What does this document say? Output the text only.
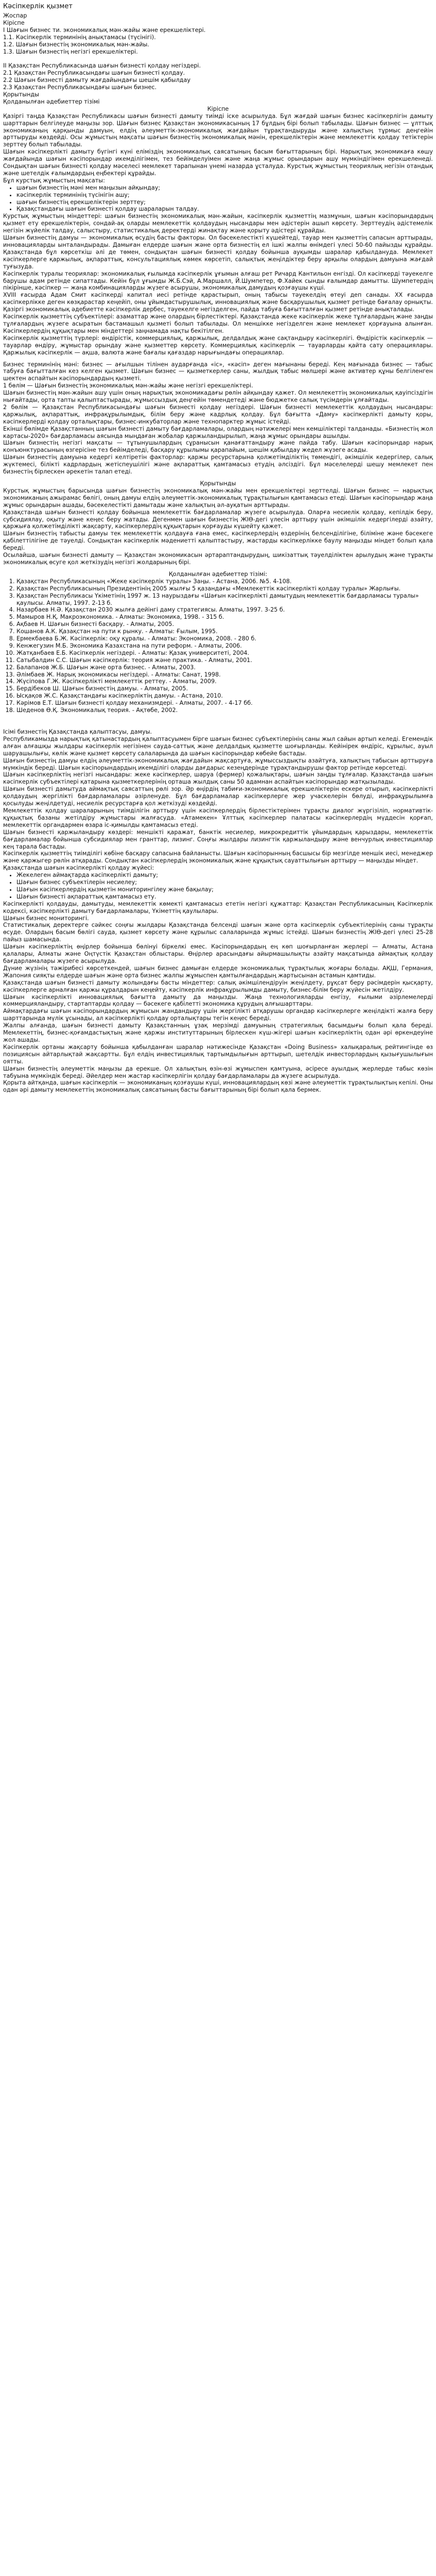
Кәсіпкерлік қызмет
Жоспар
Кіріспе
І Шағын бизнес ти. экономикалық мән-жайы және ерекшеліктері.
1.1. Кәсіпкерлік терминінің анықтамасы (түсінігі).
1.2. Шағын бизнестің экономикалық мән-жайы.
1.3. Шағын бизнестің негізгі ерекшеліктері.

ІІ Қазақстан Республикасында шағын бизнесті қолдау негіздері.
2.1 Қазақстан Республикасындағы шағын бизнесті қолдау.
2.2 Шағын бизнесті дамыту жағдайындағы шешім қабылдау
2.3 Қазақстан Республикасындағы шағын бизнес.
Қорытынды
Қолданылған әдебиеттер тізімі
Кіріспе

Қазіргі таңда Қазақстан Республикасы шағын бизнесті дамыту тиімді іске асырылуда. Бұл жағдай шағын бизнес кәсіпкерлігін дамыту шарттарын белгілеуде маңызы зор. Шағын бизнес Қазақстан экономикасының 17 бұлдың бірі болып табылады. Шағын бизнес — ұлттық экономиканың қарқынды дамуын, елдің әлеуметтік-экономикалық жағдайын тұрақтандыруды және халықтың тұрмыс деңгейін арттыруды көздейді. Осы жұмыстың мақсаты шағын бизнестің экономикалық мәнін, ерекшеліктерін және мемлекеттік қолдау тетіктерін зерттеу болып табылады.

Шағын кәсіпкерлікті дамыту бүгінгі күні еліміздің экономикалық саясатының басым бағыттарының бірі. Нарықтық экономикаға көшу жағдайында шағын кәсіпорындар икемділігімен, тез бейімделуімен және жаңа жұмыс орындарын ашу мүмкіндігімен ерекшеленеді. Сондықтан шағын бизнесті қолдау мәселесі мемлекет тарапынан үнемі назарда ұсталуда. Курстық жұмыстың теориялық негізін отандық және шетелдік ғалымдардың еңбектері құрайды.

Бұл курстық жұмыстың мақсаты:

• шағын бизнестің мәні мен маңызын айқындау;
• кәсіпкерлік терминінің түсінігін ашу;
• шағын бизнестің ерекшеліктерін зерттеу;
• Қазақстандағы шағын бизнесті қолдау шараларын талдау.

Курстық жұмыстың міндеттері: шағын бизнестің экономикалық мән-жайын, кәсіпкерлік қызметтің мазмұнын, шағын кәсіпорындардың қызмет ету ерекшеліктерін, сондай-ақ оларды мемлекеттік қолдаудың нысандары мен әдістерін ашып көрсету. Зерттеудің әдістемелік негізін жүйелік талдау, салыстыру, статистикалық деректерді жинақтау және қорыту әдістері құрайды.

Шағын бизнестің дамуы — экономикалық өсудің басты факторы. Ол бәсекелестікті күшейтеді, тауар мен қызметтің сапасын арттырады, инновацияларды ынталандырады. Дамыған елдерде шағын және орта бизнестің ел ішкі жалпы өнімдегі үлесі 50-60 пайызды құрайды. Қазақстанда бұл көрсеткіш әлі де төмен, сондықтан шағын бизнесті қолдау бойынша ауқымды шаралар қабылдануда. Мемлекет кәсіпкерлерге қаржылық, ақпараттық, консультациялық көмек көрсетіп, салықтық жеңілдіктер беру арқылы олардың дамуына жағдай туғызуда.

Кәсіпкерлік туралы теориялар: экономикалық ғылымда кәсіпкерлік ұғымын алғаш рет Ричард Кантильон енгізді. Ол кәсіпкерді тәуекелге барушы адам ретінде сипаттады. Кейін бұл ұғымды Ж.Б.Сэй, А.Маршалл, Й.Шумпетер, Ф.Хайек сынды ғалымдар дамытты. Шумпетердің пікірінше, кәсіпкер — жаңа комбинацияларды жүзеге асырушы, экономикалық дамудың қозғаушы күші.

XVIII ғасырда Адам Смит кәсіпкерді капитал иесі ретінде қарастырып, оның табысы тәуекелдің өтеуі деп санады. XX ғасырда кәсіпкерлікке деген көзқарастар кеңейіп, оны ұйымдастырушылық, инновациялық және басқарушылық қызмет ретінде бағалау орнықты. Қазіргі экономикалық әдебиетте кәсіпкерлік дербес, тәуекелге негізделген, пайда табуға бағытталған қызмет ретінде анықталады.

Кәсіпкерлік қызметтің субъектілері: азаматтар және олардың бірлестіктері. Қазақстанда жеке кәсіпкерлік жеке тұлғалардың және заңды тұлғалардың жүзеге асыратын бастамашыл қызметі болып табылады. Ол меншікке негізделген және мемлекет қорғауына алынған. Кәсіпкерлердің құқықтары мен міндеттері заңнамада нақты бекітілген.

Кәсіпкерлік қызметтің түрлері: өндірістік, коммерциялық, қаржылық, делдалдық және сақтандыру кәсіпкерлігі. Өндірістік кәсіпкерлік — тауарлар өндіру, жұмыстар орындау және қызметтер көрсету. Коммерциялық кәсіпкерлік — тауарларды қайта сату операциялары. Қаржылық кәсіпкерлік — ақша, валюта және бағалы қағаздар нарығындағы операциялар.

Бизнес терминінің мәні: бизнес — ағылшын тілінен аударғанда «іс», «кәсіп» деген мағынаны береді. Кең мағынада бизнес — табыс табуға бағытталған кез келген қызмет. Шағын бизнес — қызметкерлер саны, жылдық табыс мөлшері және активтер құны белгіленген шектен аспайтын кәсіпорындардың қызметі.

1 бөлім — Шағын бизнестің экономикалық мән-жайы және негізгі ерекшеліктері.

Шағын бизнестің мән-жайын ашу үшін оның нарықтық экономикадағы рөлін айқындау қажет. Ол мемлекеттің экономикалық қауіпсіздігін нығайтады, орта тапты қалыптастырады, жұмыссыздық деңгейін төмендетеді және бюджетке салық түсімдерін ұлғайтады.

2 бөлім — Қазақстан Республикасындағы шағын бизнесті қолдау негіздері. Шағын бизнесті мемлекеттік қолдаудың нысандары: қаржылық, ақпараттық, инфрақұрылымдық, білім беру және кадрлық қолдау. Бұл бағытта «Даму» кәсіпкерлікті дамыту қоры, кәсіпкерлерді қолдау орталықтары, бизнес-инкубаторлар және технопарктер жұмыс істейді.

Екінші бөлімде Қазақстанның шағын бизнесті дамыту бағдарламалары, олардың нәтижелері мен кемшіліктері талданады. «Бизнестің жол картасы-2020» бағдарламасы аясында мыңдаған жобалар қаржыландырылып, жаңа жұмыс орындары ашылды.

Шағын бизнестің негізгі мақсаты — тұтынушылардың сұранысын қанағаттандыру және пайда табу. Шағын кәсіпорындар нарық конъюнктурасының өзгерісіне тез бейімделеді, басқару құрылымы қарапайым, шешім қабылдау жедел жүзеге асады.

Шағын бизнестің дамуына кедергі келтіретін факторлар: қаржы ресурстарына қолжетімділіктің төмендігі, әкімшілік кедергілер, салық жүктемесі, білікті кадрлардың жетіспеушілігі және ақпараттық қамтамасыз етудің әлсіздігі. Бұл мәселелерді шешу мемлекет пен бизнестің бірлескен әрекетін талап етеді.

Қорытынды

Курстық жұмыстың барысында шағын бизнестің экономикалық мән-жайы мен ерекшеліктері зерттелді. Шағын бизнес — нарықтық экономиканың ажырамас бөлігі, оның дамуы елдің әлеуметтік-экономикалық тұрақтылығын қамтамасыз етеді. Шағын кәсіпорындар жаңа жұмыс орындарын ашады, бәсекелестікті дамытады және халықтың әл-ауқатын арттырады.

Қазақстанда шағын бизнесті қолдау бойынша мемлекеттік бағдарламалар жүзеге асырылуда. Оларға несиелік қолдау, кепілдік беру, субсидиялау, оқыту және кеңес беру жатады. Дегенмен шағын бизнестің ЖІӨ-дегі үлесін арттыру үшін әкімшілік кедергілерді азайту, қаржыға қолжетімділікті жақсарту, кәсіпкерлердің құқықтарын қорғауды күшейту қажет.

Шағын бизнестің табысты дамуы тек мемлекеттік қолдауға ғана емес, кәсіпкерлердің өздерінің белсенділігіне, біліміне және бәсекеге қабілеттілігіне де тәуелді. Сондықтан кәсіпкерлік мәдениетті қалыптастыру, жастарды кәсіпкерлікке баулу маңызды міндет болып қала береді.

Осылайша, шағын бизнесті дамыту — Қазақстан экономикасын әртараптандырудың, шикізаттық тәуелділіктен арылудың және тұрақты экономикалық өсуге қол жеткізудің негізгі жолдарының бірі.

Қолданылған әдебиеттер тізімі:
1. Қазақстан Республикасының «Жеке кәсіпкерлік туралы» Заңы. - Астана, 2006. №5. 4-108.
2. Қазақстан Республикасының Президентінің 2005 жылғы 5 қазандағы «Мемлекеттік кәсіпкерлікті қолдау туралы» Жарлығы.
3. Қазақстан Республикасы Үкіметінің 1997 ж. 13 наурыздағы «Шағын кәсіпкерлікті дамытудың мемлекеттік бағдарламасы туралы» қаулысы. Алматы, 1997. 2-13 б.
4. Назарбаев Н.Ә. Қазақстан 2030 жылға дейінгі даму стратегиясы. Алматы, 1997. 3-25 б.
5. Мамыров Н.Қ. Макроэкономика. - Алматы: Экономика, 1998. - 315 б.
6. Ақбаев Н. Шағын бизнесті басқару. - Алматы, 2005.
7. Кошанов А.К. Қазақстан на пути к рынку. - Алматы: Ғылым, 1995.
8. Ермекбаева Б.Ж. Кәсіпкерлік: оқу құралы. - Алматы: Экономика, 2008. - 280 б.
9. Кенжегузин М.Б. Экономика Казахстана на пути реформ. - Алматы, 2006.
10. Жатқанбаев Е.Б. Кәсіпкерлік негіздері. - Алматы: Қазақ университеті, 2004.
11. Сатыбалдин С.С. Шағын кәсіпкерлік: теория және практика. - Алматы, 2001.
12. Балапанов Ж.Б. Шағын және орта бизнес. - Алматы, 2003.
13. Әлімбаев Ж. Нарық экономикасы негіздері. - Алматы: Санат, 1998.
14. Жүсіпова Г.Ж. Кәсіпкерлікті мемлекеттік реттеу. - Алматы, 2009.
15. Бердібеков Ш. Шағын бизнестің дамуы. - Алматы, 2005.
16. Ысқақов Ж.С. Қазақстандағы кәсіпкерліктің дамуы. - Астана, 2010.
17. Кәрімов Е.Т. Шағын бизнесті қолдау механизмдері. - Алматы, 2007. - 4-17 бб.
18. Шеденов Ө.Қ. Экономикалық теория. - Ақтөбе, 2002.

Ісімі бизнестің Қазақстанда қалыптасуы, дамуы.

Республикамызда нарықтық қатынастардың қалыптасуымен бірге шағын бизнес субъектілерінің саны жыл сайын артып келеді. Егемендік алған алғашқы жылдары кәсіпкерлік негізінен сауда-саттық және делдалдық қызметте шоғырланды. Кейінірек өндіріс, құрылыс, ауыл шаруашылығы, көлік және қызмет көрсету салаларында да шағын кәсіпорындар көбейе бастады.

Шағын бизнестің дамуы елдің әлеуметтік-экономикалық жағдайын жақсартуға, жұмыссыздықты азайтуға, халықтың табысын арттыруға мүмкіндік береді. Шағын кәсіпорындардың икемділігі оларды дағдарыс кезеңдерінде тұрақтандырушы фактор ретінде көрсетеді.

Шағын кәсіпкерліктің негізгі нысандары: жеке кәсіпкерлер, шаруа (фермер) қожалықтары, шағын заңды тұлғалар. Қазақстанда шағын кәсіпкерлік субъектілері қатарына қызметкерлерінің орташа жылдық саны 50 адамнан аспайтын кәсіпорындар жатқызылады.

Шағын бизнесті дамытуда аймақтық саясаттың рөлі зор. Әр өңірдің табиғи-экономикалық ерекшеліктерін ескере отырып, кәсіпкерлікті қолдаудың жергілікті бағдарламалары әзірленуде. Бұл бағдарламалар кәсіпкерлерге жер учаскелерін бөлуді, инфрақұрылымға қосылуды жеңілдетуді, несиелік ресурстарға қол жеткізуді көздейді.

Мемлекеттік қолдау шараларының тиімділігін арттыру үшін кәсіпкерлердің бірлестіктерімен тұрақты диалог жүргізіліп, нормативтік-құқықтық базаны жетілдіру жұмыстары жалғасуда. «Атамекен» Ұлттық кәсіпкерлер палатасы кәсіпкерлердің мүддесін қорғап, мемлекеттік органдармен өзара іс-қимылды қамтамасыз етеді.

Шағын бизнесті қаржыландыру көздері: меншікті қаражат, банктік несиелер, микрокредиттік ұйымдардың қарыздары, мемлекеттік бағдарламалар бойынша субсидиялар мен гранттар, лизинг. Соңғы жылдары лизингтік қаржыландыру және венчурлық инвестициялар кең тарала бастады.

Кәсіпкерлік қызметтің тиімділігі көбіне басқару сапасына байланысты. Шағын кәсіпорынның басшысы бір мезгілде меншік иесі, менеджер және қаржыгер рөлін атқарады. Сондықтан кәсіпкерлердің экономикалық және құқықтық сауаттылығын арттыру — маңызды міндет.

Қазақстанда шағын кәсіпкерлікті қолдау жүйесі:

• Жекелеген аймақтарда кәсіпкерлікті дамыту;
• Шағын бизнес субъектілерін несиелеу;
• Шағын кәсіпкерлердің қызметін мониторингілеу және бақылау;
• Шағын бизнесті ақпараттық қамтамасыз ету.

Кәсіпкерлікті қолдауды, дамытуды, мемлекеттік көмекті қамтамасыз ететін негізгі құжаттар: Қазақстан Республикасының Кәсіпкерлік кодексі, кәсіпкерлікті дамыту бағдарламалары, Үкіметтің қаулылары.

Шағын бизнес мониторингі.

Статистикалық деректерге сәйкес соңғы жылдары Қазақстанда белсенді шағын және орта кәсіпкерлік субъектілерінің саны тұрақты өсуде. Олардың басым бөлігі сауда, қызмет көрсету және құрылыс салаларында жұмыс істейді. Шағын бизнестің ЖІӨ-дегі үлесі 25-28 пайыз шамасында.

Шағын кәсіпкерліктің өңірлер бойынша бөлінуі біркелкі емес. Кәсіпорындардың ең көп шоғырланған жерлері — Алматы, Астана қалалары, Алматы және Оңтүстік Қазақстан облыстары. Өңірлер арасындағы айырмашылықты азайту мақсатында аймақтық қолдау бағдарламалары жүзеге асырылуда.

Дүние жүзінің тәжірибесі көрсеткендей, шағын бизнес дамыған елдерде экономикалық тұрақтылық жоғары болады. АҚШ, Германия, Жапония сияқты елдерде шағын және орта бизнес жалпы жұмыспен қамтылғандардың жартысынан астамын қамтиды.

Қазақстанда шағын бизнесті дамыту жолындағы басты міндеттер: салық әкімшілендіруін жеңілдету, рұқсат беру рәсімдерін қысқарту, кәсіпкерлерге арналған қаржы құралдарын кеңейту, кәсіпкерлік инфрақұрылымды дамыту, бизнес-білім беру жүйесін жетілдіру.

Шағын кәсіпкерлікті инновациялық бағытта дамыту да маңызды. Жаңа технологияларды енгізу, ғылыми әзірлемелерді коммерцияландыру, стартаптарды қолдау — бәсекеге қабілетті экономика құрудың алғышарттары.

Аймақтардағы шағын кәсіпорындардың жұмысын жандандыру үшін жергілікті атқарушы органдар кәсіпкерлерге жеңілдікті жалға беру шарттарында мүлік ұсынады, ал кәсіпкерлікті қолдау орталықтары тегін кеңес береді.

Жалпы алғанда, шағын бизнесті дамыту Қазақстанның ұзақ мерзімді дамуының стратегиялық басымдығы болып қала береді. Мемлекеттің, бизнес-қоғамдастықтың және қаржы институттарының бірлескен күш-жігері шағын кәсіпкерліктің одан әрі өркендеуіне жол ашады.

Кәсіпкерлік ортаны жақсарту бойынша қабылданған шаралар нәтижесінде Қазақстан «Doing Business» халықаралық рейтингінде өз позициясын айтарлықтай жақсартты. Бұл елдің инвестициялық тартымдылығын арттырып, шетелдік инвесторлардың қызығушылығын оятты.

Шағын бизнестің әлеуметтік маңызы да ерекше. Ол халықтың өзін-өзі жұмыспен қамтуына, әсіресе ауылдық жерлерде табыс көзін табуына мүмкіндік береді. Әйелдер мен жастар кәсіпкерлігін қолдау бағдарламалары да жүзеге асырылуда.

Қорыта айтқанда, шағын кәсіпкерлік — экономиканың қозғаушы күші, инновациялардың көзі және әлеуметтік тұрақтылықтың кепілі. Оны одан әрі дамыту мемлекеттің экономикалық саясатының басты бағыттарының бірі болып қала бермек.
